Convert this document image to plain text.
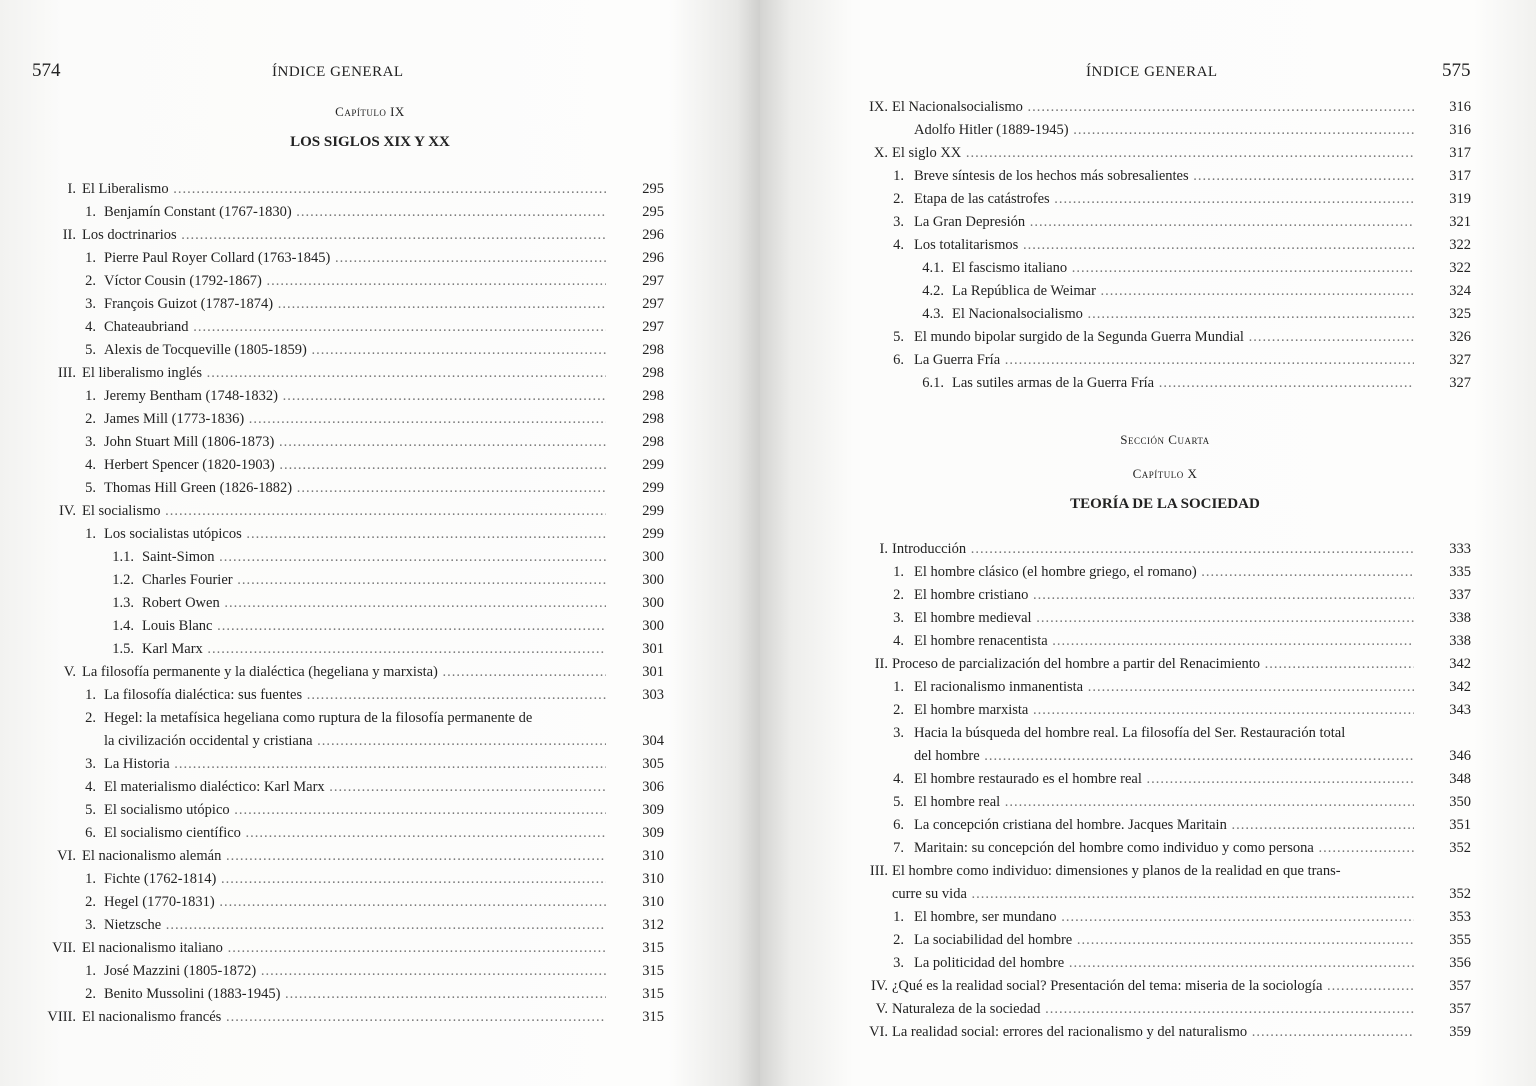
574	ÍNDICE GENERAL
Capítulo IX
LOS SIGLOS XIX Y XX
I. El Liberalismo .....	295
1. Benjamín Constant (1767-1830) .....	295
II. Los doctrinarios .....	296
1. Pierre Paul Royer Collard (1763-1845) .....	296
2. Víctor Cousin (1792-1867) .....	297
3. François Guizot (1787-1874) .....	297
4. Chateaubriand .....	297
5. Alexis de Tocqueville (1805-1859) .....	298
III. El liberalismo inglés .....	298
1. Jeremy Bentham (1748-1832) .....	298
2. James Mill (1773-1836) .....	298
3. John Stuart Mill (1806-1873) .....	298
4. Herbert Spencer (1820-1903) .....	299
5. Thomas Hill Green (1826-1882) .....	299
IV. El socialismo .....	299
1. Los socialistas utópicos .....	299
1.1. Saint-Simon .....	300
1.2. Charles Fourier .....	300
1.3. Robert Owen .....	300
1.4. Louis Blanc .....	300
1.5. Karl Marx .....	301
V. La filosofía permanente y la dialéctica (hegeliana y marxista) .....	301
1. La filosofía dialéctica: sus fuentes .....	303
2. Hegel: la metafísica hegeliana como ruptura de la filosofía permanente de
la civilización occidental y cristiana .....	304
3. La Historia .....	305
4. El materialismo dialéctico: Karl Marx .....	306
5. El socialismo utópico .....	309
6. El socialismo científico .....	309
VI. El nacionalismo alemán .....	310
1. Fichte (1762-1814) .....	310
2. Hegel (1770-1831) .....	310
3. Nietzsche .....	312
VII. El nacionalismo italiano .....	315
1. José Mazzini (1805-1872) .....	315
2. Benito Mussolini (1883-1945) .....	315
VIII. El nacionalismo francés .....	315
ÍNDICE GENERAL	575
IX. El Nacionalsocialismo .....	316
Adolfo Hitler (1889-1945) .....	316
X. El siglo XX .....	317
1. Breve síntesis de los hechos más sobresalientes .....	317
2. Etapa de las catástrofes .....	319
3. La Gran Depresión .....	321
4. Los totalitarismos .....	322
4.1. El fascismo italiano .....	322
4.2. La República de Weimar .....	324
4.3. El Nacionalsocialismo .....	325
5. El mundo bipolar surgido de la Segunda Guerra Mundial .....	326
6. La Guerra Fría .....	327
6.1. Las sutiles armas de la Guerra Fría .....	327
Sección Cuarta
Capítulo X
TEORÍA DE LA SOCIEDAD
I. Introducción .....	333
1. El hombre clásico (el hombre griego, el romano) .....	335
2. El hombre cristiano .....	337
3. El hombre medieval .....	338
4. El hombre renacentista .....	338
II. Proceso de parcialización del hombre a partir del Renacimiento .....	342
1. El racionalismo inmanentista .....	342
2. El hombre marxista .....	343
3. Hacia la búsqueda del hombre real. La filosofía del Ser. Restauración total
del hombre .....	346
4. El hombre restaurado es el hombre real .....	348
5. El hombre real .....	350
6. La concepción cristiana del hombre. Jacques Maritain .....	351
7. Maritain: su concepción del hombre como individuo y como persona .....	352
III. El hombre como individuo: dimensiones y planos de la realidad en que trans-
curre su vida .....	352
1. El hombre, ser mundano .....	353
2. La sociabilidad del hombre .....	355
3. La politicidad del hombre .....	356
IV. ¿Qué es la realidad social? Presentación del tema: miseria de la sociología .....	357
V. Naturaleza de la sociedad .....	357
VI. La realidad social: errores del racionalismo y del naturalismo .....	359
